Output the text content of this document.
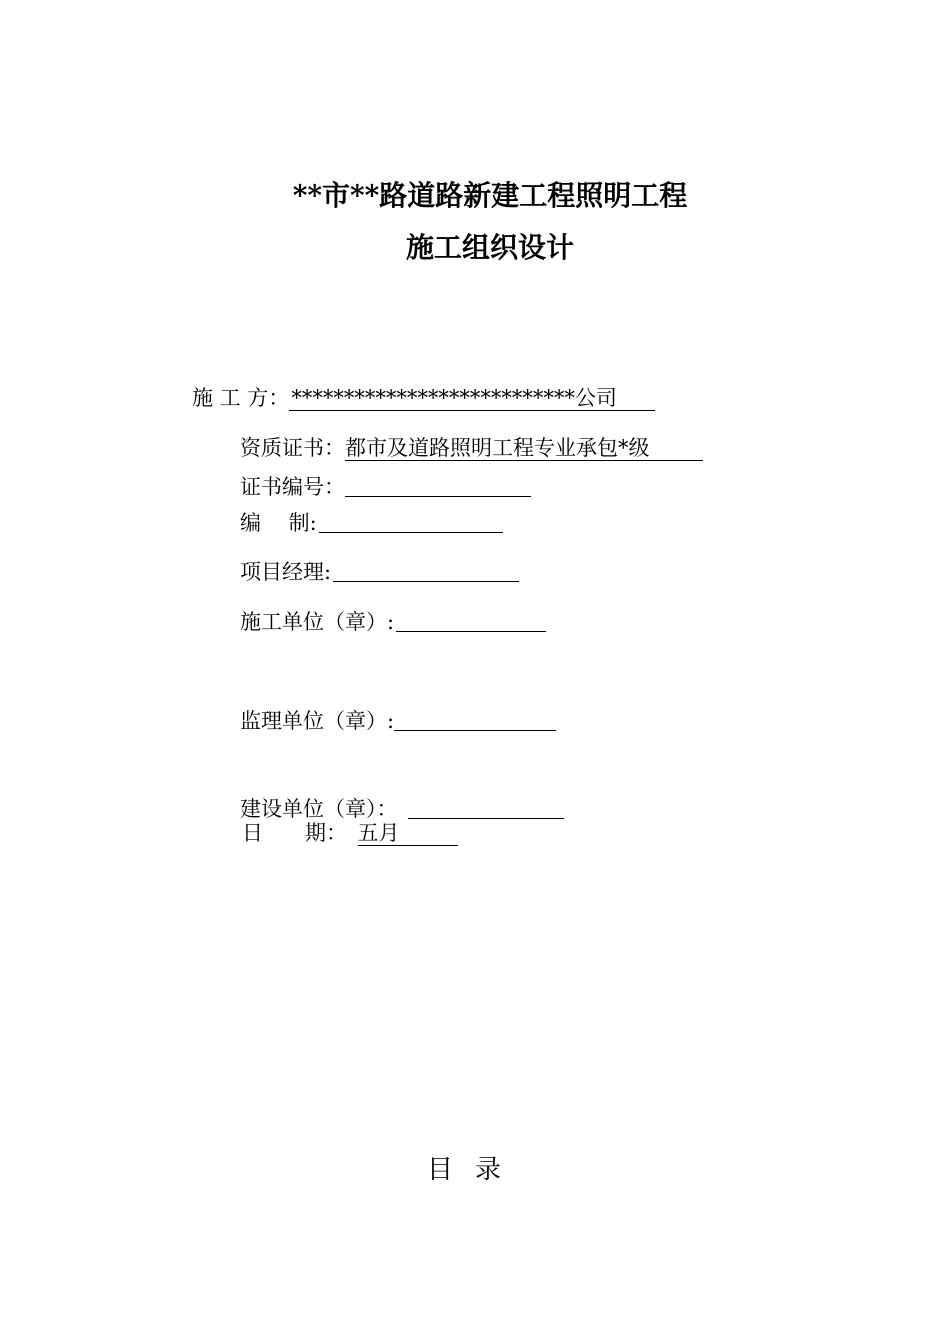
**市**路道路新建工程照明工程
施工组织设计
施 工 方：***************************公司
资质证书：都市及道路照明工程专业承包*级
证书编号：
编　 制: 
项目经理: 
施工单位（章）: 
监理单位（章）:
建设单位（章）： 
日　　期：  五月
目录
